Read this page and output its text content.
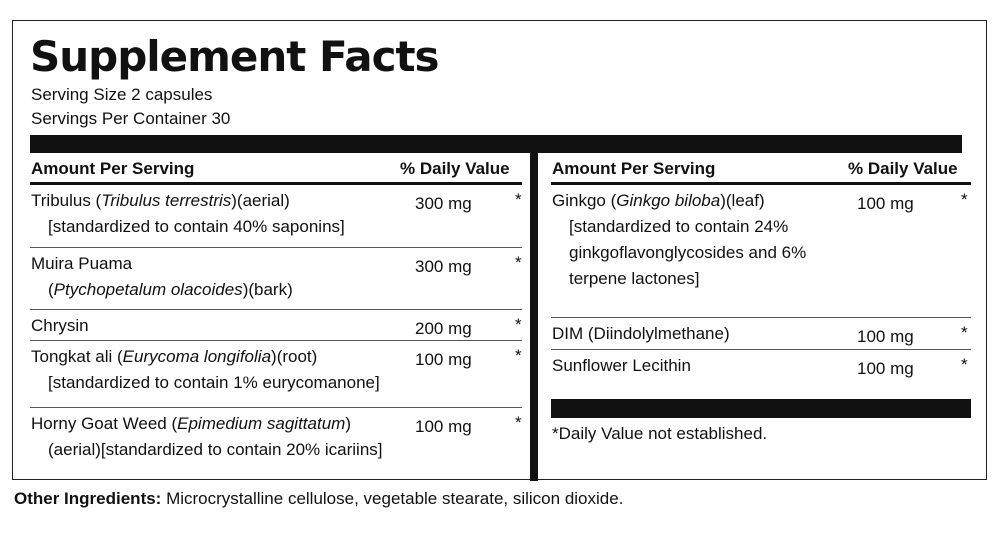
Supplement Facts
Serving Size 2 capsules
Servings Per Container 30
Amount Per Serving	% Daily Value
Tribulus (Tribulus terrestris)(aerial)
[standardized to contain 40% saponins]
300 mg	*
Muira Puama
(Ptychopetalum olacoides)(bark)
300 mg	*
Chrysin	200 mg	*
Tongkat ali (Eurycoma longifolia)(root)
[standardized to contain 1% eurycomanone]
100 mg	*
Horny Goat Weed (Epimedium sagittatum)
(aerial)[standardized to contain 20% icariins]
100 mg	*
Amount Per Serving	% Daily Value
Ginkgo (Ginkgo biloba)(leaf)
[standardized to contain 24% ginkgoflavonglycosides and 6% terpene lactones]
100 mg	*
DIM (Diindolylmethane)	100 mg	*
Sunflower Lecithin	100 mg	*
*Daily Value not established.
Other Ingredients: Microcrystalline cellulose, vegetable stearate, silicon dioxide.
